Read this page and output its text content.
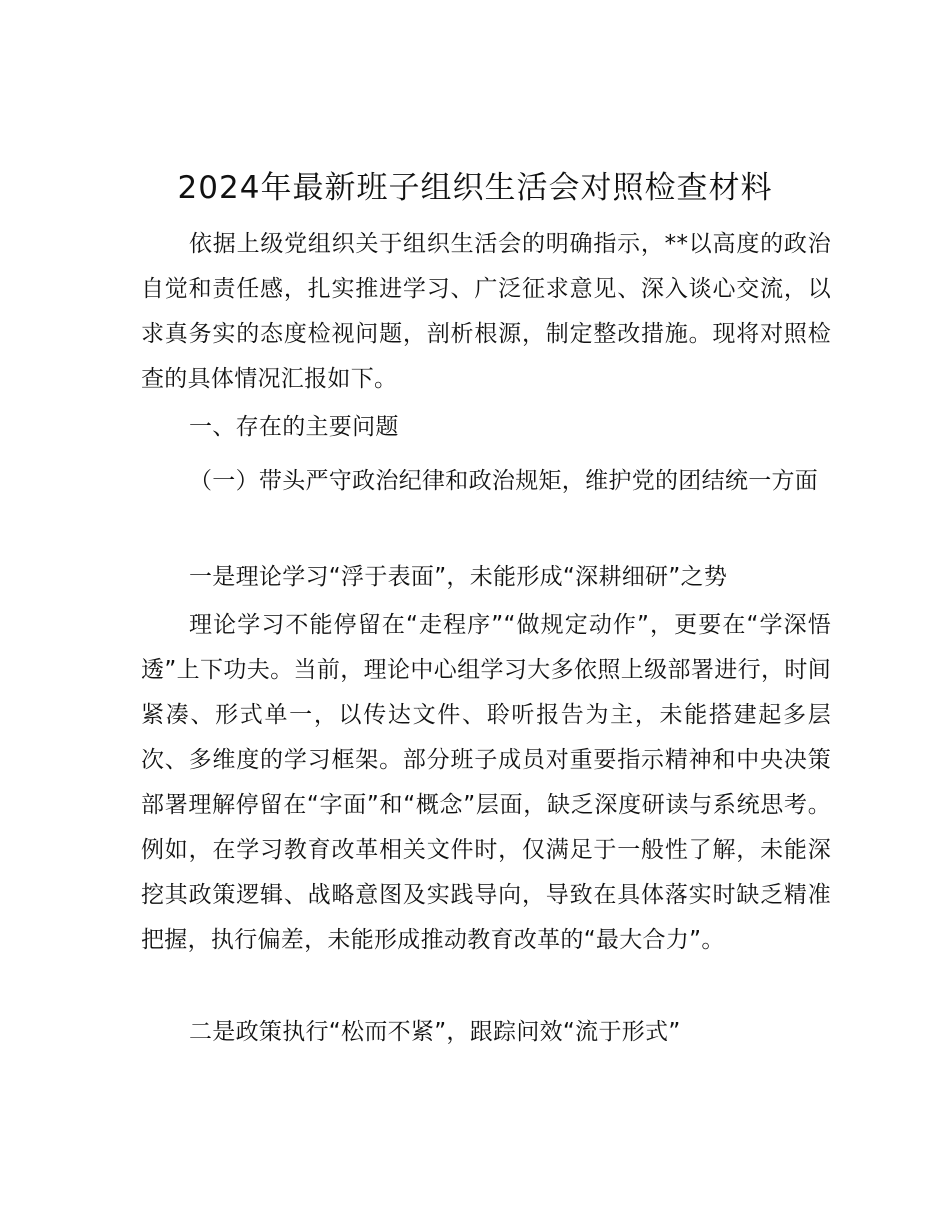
2024年最新班子组织生活会对照检查材料

依据上级党组织关于组织生活会的明确指示，**以高度的政治自觉和责任感，扎实推进学习、广泛征求意见、深入谈心交流，以求真务实的态度检视问题，剖析根源，制定整改措施。现将对照检查的具体情况汇报如下。

一、存在的主要问题

（一）带头严守政治纪律和政治规矩，维护党的团结统一方面

一是理论学习“浮于表面”，未能形成“深耕细研”之势

理论学习不能停留在“走程序”“做规定动作”，更要在“学深悟透”上下功夫。当前，理论中心组学习大多依照上级部署进行，时间紧凑、形式单一，以传达文件、聆听报告为主，未能搭建起多层次、多维度的学习框架。部分班子成员对重要指示精神和中央决策部署理解停留在“字面”和“概念”层面，缺乏深度研读与系统思考。例如，在学习教育改革相关文件时，仅满足于一般性了解，未能深挖其政策逻辑、战略意图及实践导向，导致在具体落实时缺乏精准把握，执行偏差，未能形成推动教育改革的“最大合力”。

二是政策执行“松而不紧”，跟踪问效“流于形式”
